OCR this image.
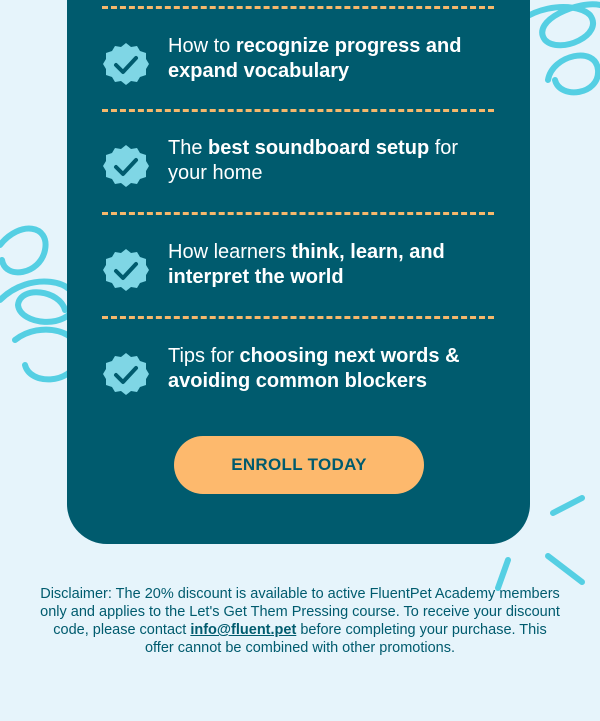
How to recognize progress and expand vocabulary
The best soundboard setup for your home
How learners think, learn, and interpret the world
Tips for choosing next words & avoiding common blockers
ENROLL TODAY
Disclaimer: The 20% discount is available to active FluentPet Academy members only and applies to the Let's Get Them Pressing course. To receive your discount code, please contact info@fluent.pet before completing your purchase. This offer cannot be combined with other promotions.
